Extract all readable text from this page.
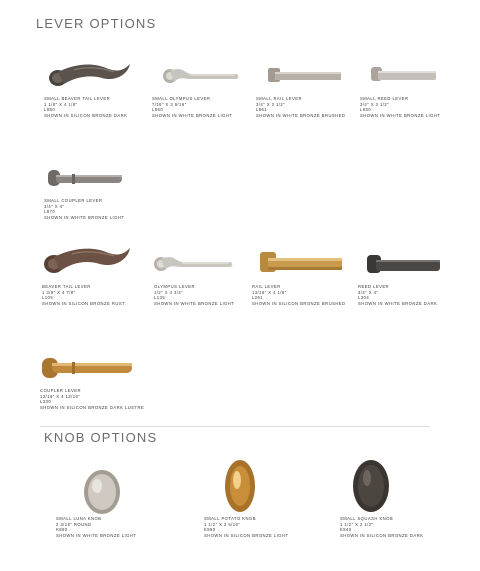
LEVER OPTIONS
KNOB OPTIONS
SMALL BEAVER TAIL LEVER
1 1/8" X 4 1/8"
L850
SHOWN IN SILICON BRONZE DARK
SMALL OLYMPUS LEVER
7/16" X 3 9/16"
L860
SHOWN IN WHITE BRONZE LIGHT
SMALL RAIL LEVER
3/4" X 3 1/2"
L861
SHOWN IN WHITE BRONZE BRUSHED
SMALL REED LEVER
3/4" X 3 1/2"
L830
SHOWN IN WHITE BRONZE LIGHT
SMALL COUPLER LEVER
3/4" X 4"
L870
SHOWN IN WHITE BRONZE LIGHT
BEAVER TAIL LEVER
1 3/8" X 4 7/8"
L105
SHOWN IN SILICON BRONZE RUST
OLYMPUS LEVER
1/2" X 4 3/4"
L135
SHOWN IN WHITE BRONZE LIGHT
RAIL LEVER
13/16" X 4 1/8"
L261
SHOWN IN SILICON BRONZE BRUSHED
REED LEVER
3/4" X 4"
L304
SHOWN IN WHITE BRONZE DARK
COUPLER LEVER
13/16" X 4 13/16"
L330
SHOWN IN SILICON BRONZE DARK LUSTRE
SMALL LUNA KNOB
2 3/16" ROUND
K860
SHOWN IN WHITE BRONZE LIGHT
SMALL POTATO KNOB
1 1/2" X 2 5/16"
K850
SHOWN IN SILICON BRONZE LIGHT
SMALL SQUASH KNOB
1 1/2" X 2 1/2"
K840
SHOWN IN SILICON BRONZE DARK
